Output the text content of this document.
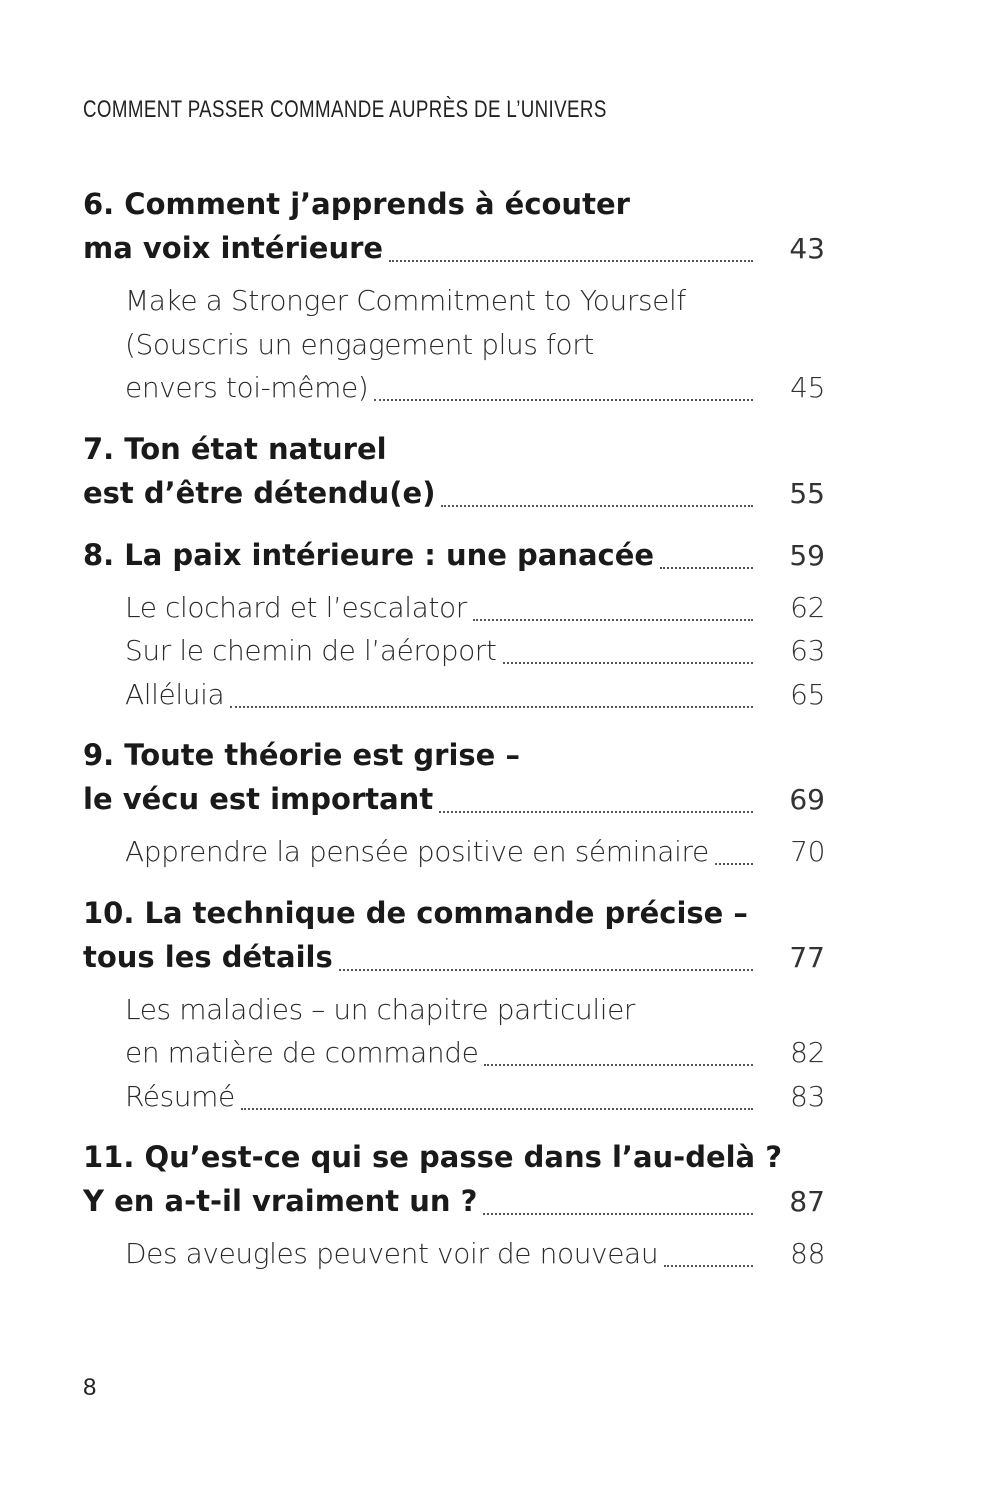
COMMENT PASSER COMMANDE AUPRÈS DE L’UNIVERS
6. Comment j’apprends à écouter
ma voix intérieure	43
Make a Stronger Commitment to Yourself
(Souscris un engagement plus fort
envers toi-même)	45
7. Ton état naturel
est d’être détendu(e)	55
8. La paix intérieure : une panacée	59
Le clochard et l’escalator	62
Sur le chemin de l’aéroport	63
Alléluia	65
9. Toute théorie est grise –
le vécu est important	69
Apprendre la pensée positive en séminaire	70
10. La technique de commande précise –
tous les détails	77
Les maladies – un chapitre particulier
en matière de commande	82
Résumé	83
11. Qu’est-ce qui se passe dans l’au-delà ?
Y en a-t-il vraiment un ?	87
Des aveugles peuvent voir de nouveau	88
8
